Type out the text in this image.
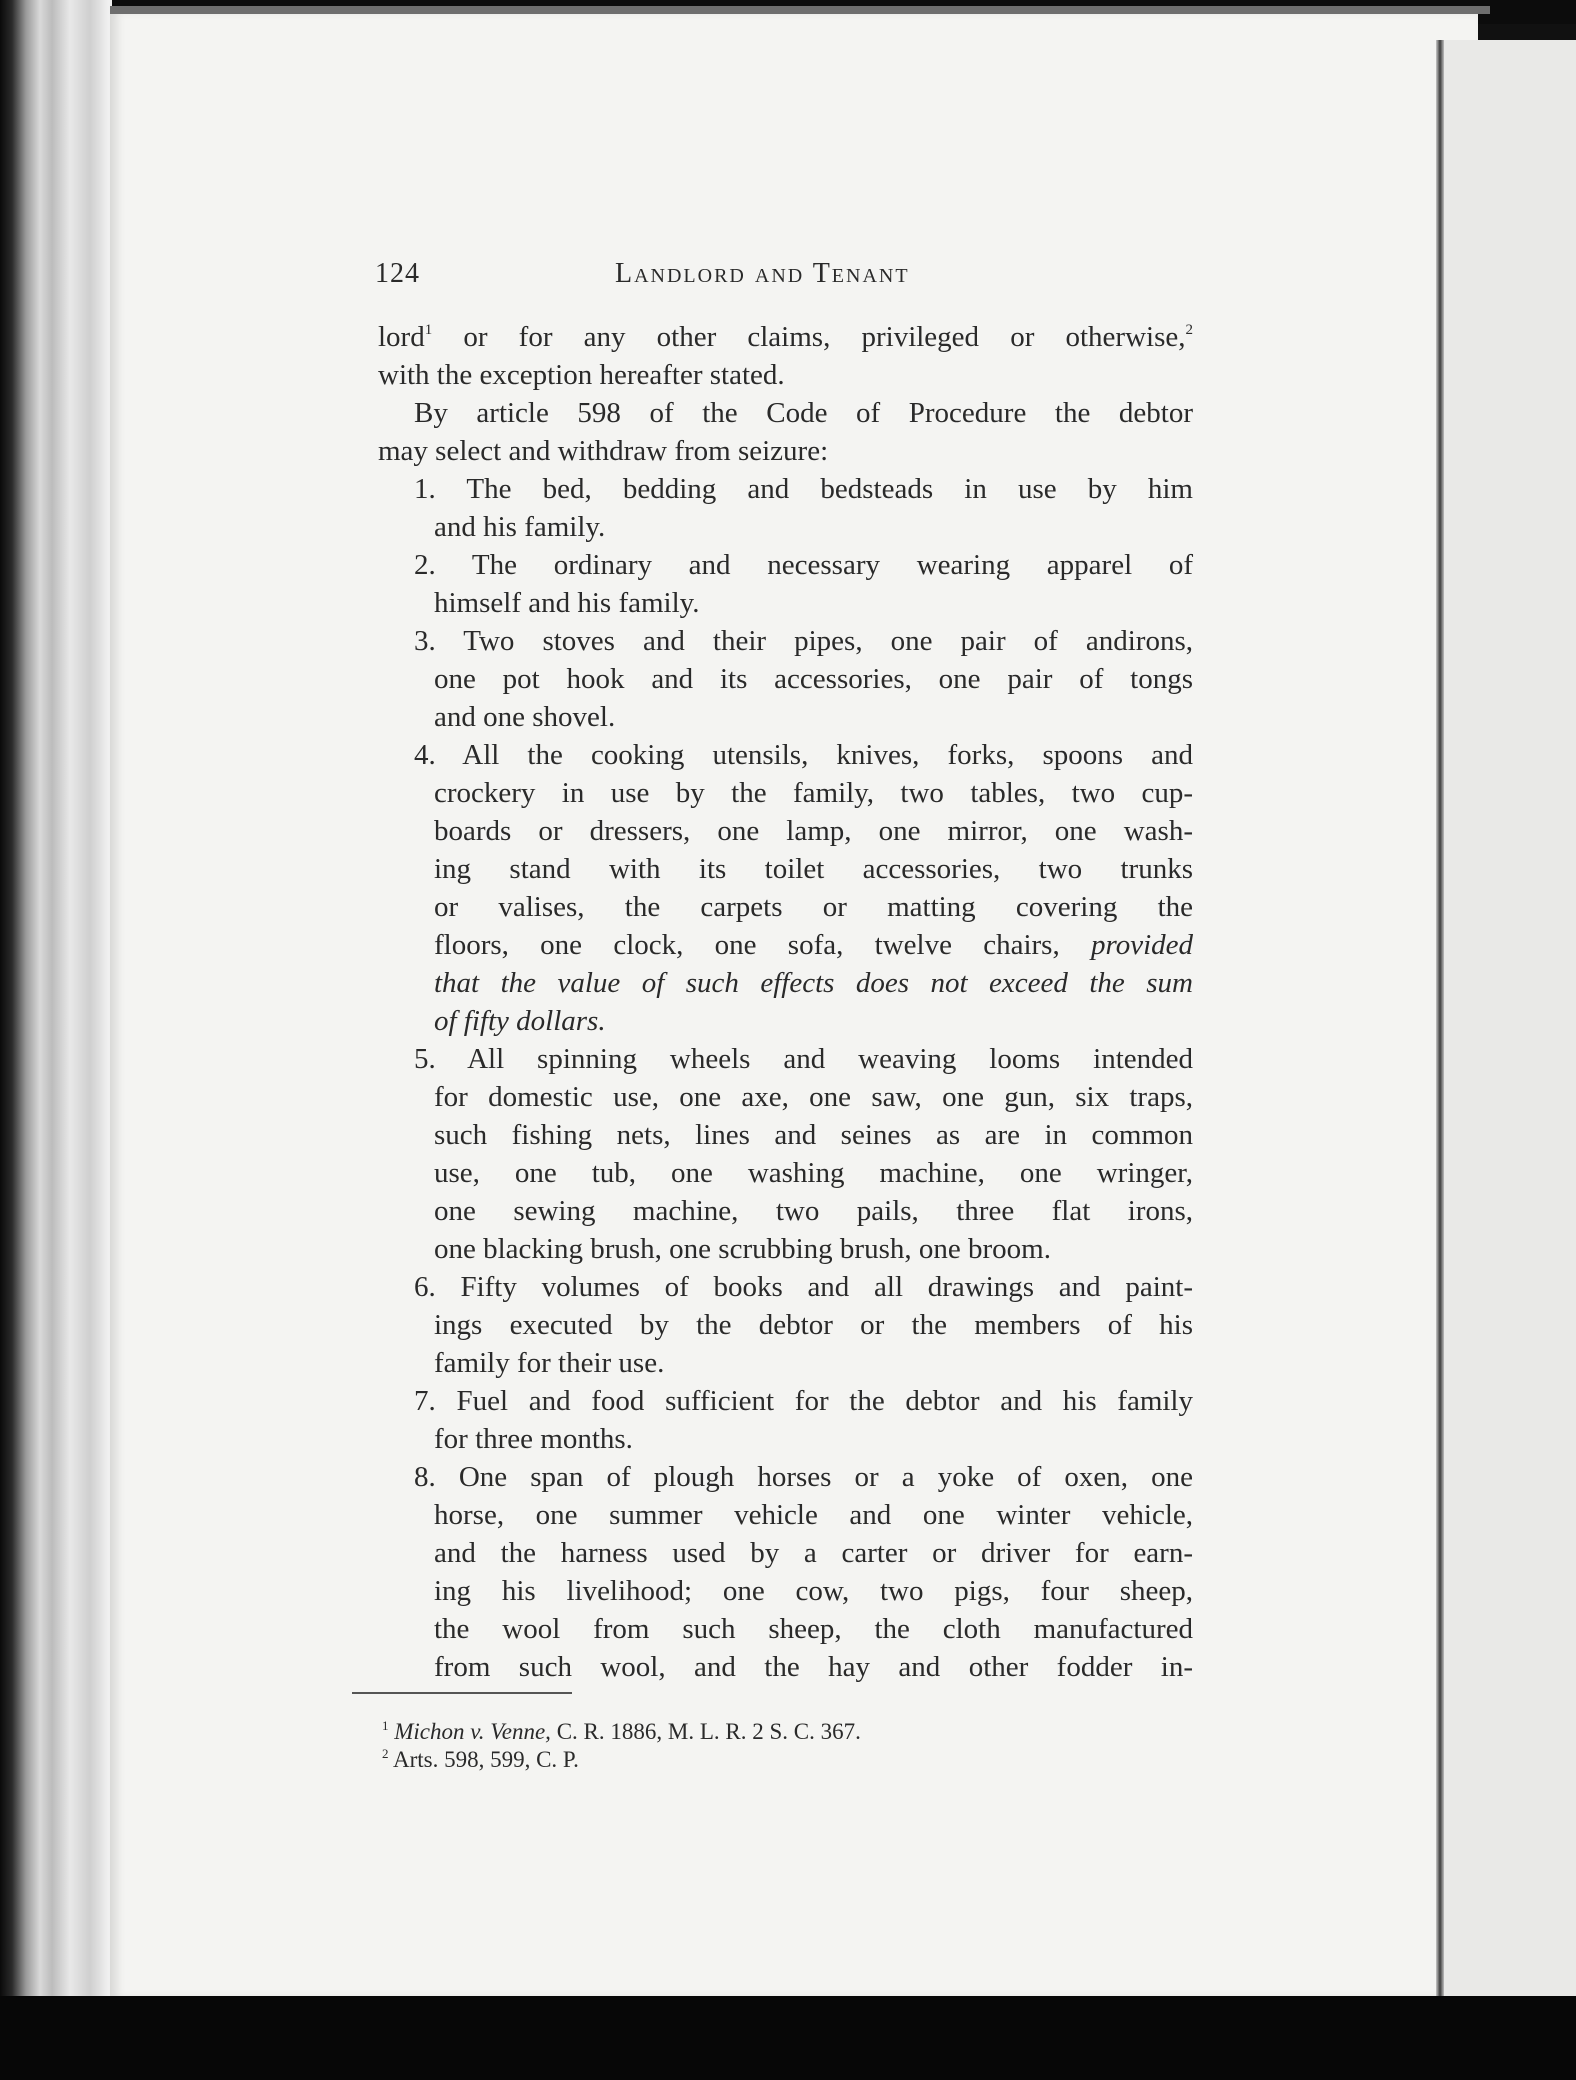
124	Landlord and Tenant
lord$^1$ or for any other claims, privileged or otherwise,$^2$
with the exception hereafter stated.
By article 598 of the Code of Procedure the debtor
may select and withdraw from seizure:
1. The bed, bedding and bedsteads in use by him
and his family.
2. The ordinary and necessary wearing apparel of
himself and his family.
3. Two stoves and their pipes, one pair of andirons,
one pot hook and its accessories, one pair of tongs
and one shovel.
4. All the cooking utensils, knives, forks, spoons and
crockery in use by the family, two tables, two cup-
boards or dressers, one lamp, one mirror, one wash-
ing stand with its toilet accessories, two trunks
or valises, the carpets or matting covering the
floors, one clock, one sofa, twelve chairs, provided
that the value of such effects does not exceed the sum
of fifty dollars.
5. All spinning wheels and weaving looms intended
for domestic use, one axe, one saw, one gun, six traps,
such fishing nets, lines and seines as are in common
use, one tub, one washing machine, one wringer,
one sewing machine, two pails, three flat irons,
one blacking brush, one scrubbing brush, one broom.
6. Fifty volumes of books and all drawings and paint-
ings executed by the debtor or the members of his
family for their use.
7. Fuel and food sufficient for the debtor and his family
for three months.
8. One span of plough horses or a yoke of oxen, one
horse, one summer vehicle and one winter vehicle,
and the harness used by a carter or driver for earn-
ing his livelihood; one cow, two pigs, four sheep,
the wool from such sheep, the cloth manufactured
from such wool, and the hay and other fodder in-
$^1$ Michon v. Venne, C. R. 1886, M. L. R. 2 S. C. 367.
$^2$ Arts. 598, 599, C. P.
